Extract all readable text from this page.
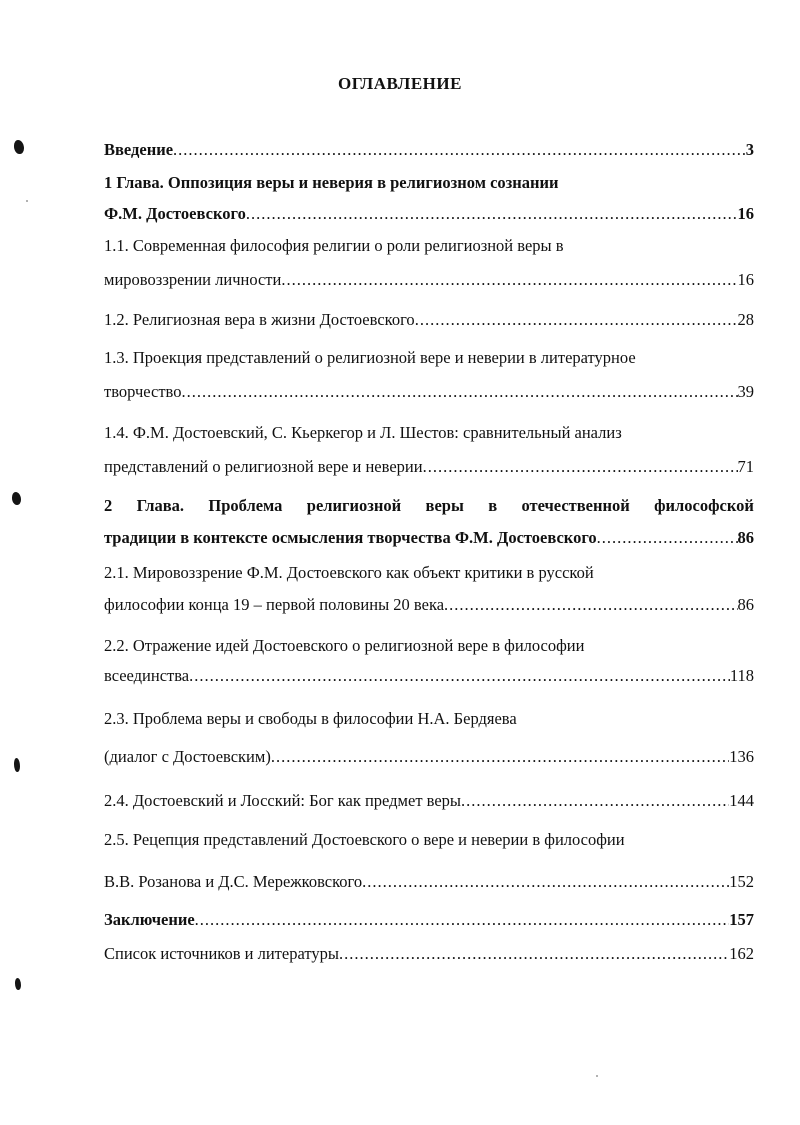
ОГЛАВЛЕНИЕ
Введение .....	3
1 Глава. Оппозиция веры и неверия в религиозном сознании
Ф.М. Достоевского .....	16
1.1. Современная философия религии о роли религиозной веры в
мировоззрении личности .....	16
1.2. Религиозная вера в жизни Достоевского .....	28
1.3. Проекция представлений о религиозной вере и неверии в литературное
творчество .....	39
1.4. Ф.М. Достоевский, С. Кьеркегор и Л. Шестов: сравнительный анализ
представлений о религиозной вере и неверии .....	71
2 Глава. Проблема религиозной веры в отечественной философской
традиции в контексте осмысления творчества Ф.М. Достоевского .....	86
2.1. Мировоззрение Ф.М. Достоевского как объект критики в русской
философии конца 19 – первой половины 20 века .....	86
2.2. Отражение идей Достоевского о религиозной вере в философии
всеединства .....	118
2.3. Проблема веры и свободы в философии Н.А. Бердяева
(диалог с Достоевским) .....	136
2.4. Достоевский и Лосский: Бог как предмет веры .....	144
2.5. Рецепция представлений Достоевского о вере и неверии в философии
В.В. Розанова и Д.С. Мережковского .....	152
Заключение .....	157
Список источников и литературы .....	162
